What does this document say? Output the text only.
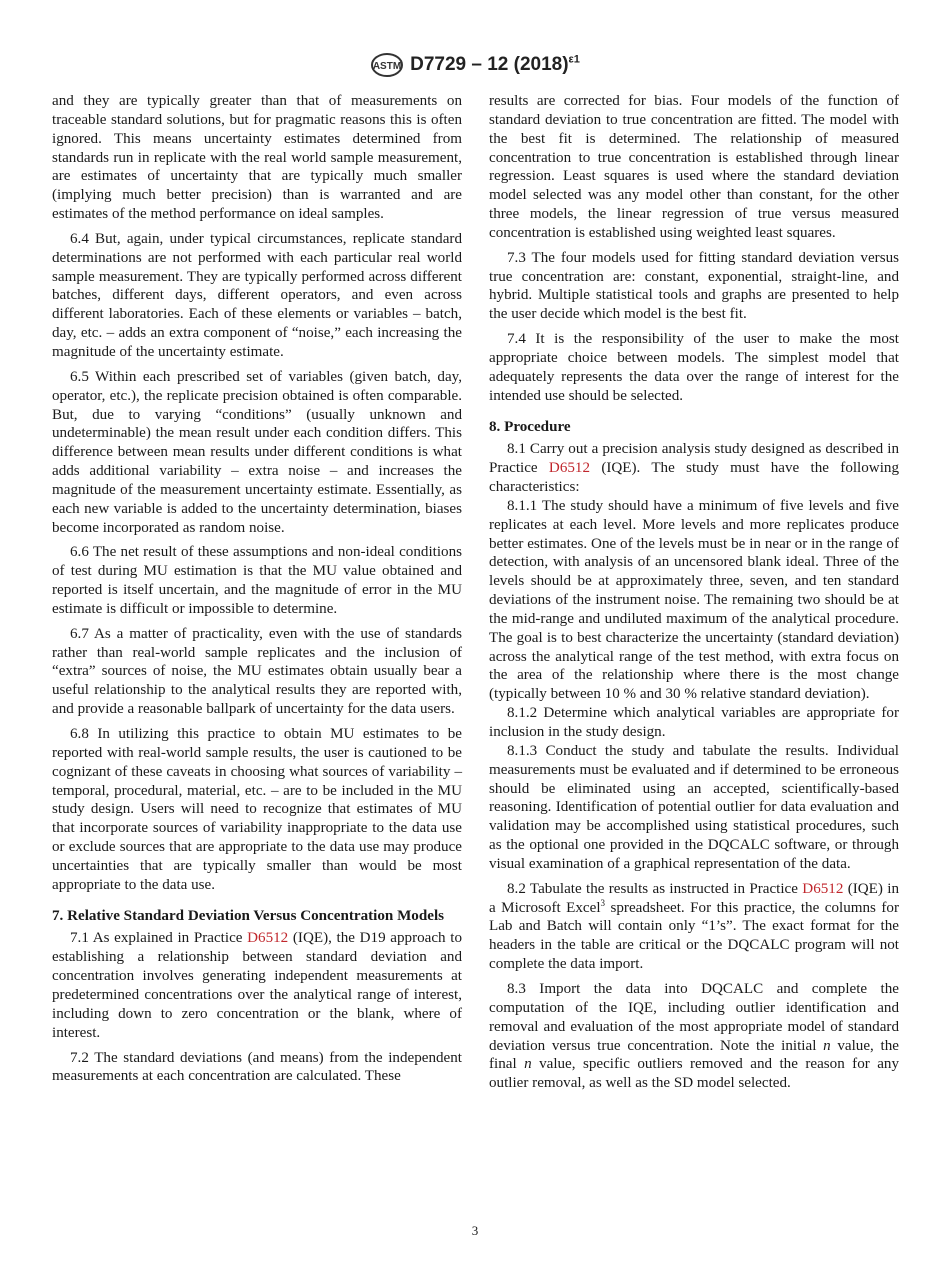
ASTM D7729 – 12 $(2018)^{\varepsilon 1}$

and they are typically greater than that of measurements on traceable standard solutions, but for pragmatic reasons this is often ignored. This means uncertainty estimates determined from standards run in replicate with the real world sample measurement, are estimates of uncertainty that are typically much smaller (implying much better precision) than is warranted and are estimates of the method performance on ideal samples.

6.4 But, again, under typical circumstances, replicate standard determinations are not performed with each particular real world sample measurement. They are typically performed across different batches, different days, different operators, and even across different laboratories. Each of these elements or variables – batch, day, etc. – adds an extra component of “noise,” each increasing the magnitude of the uncertainty estimate.

6.5 Within each prescribed set of variables (given batch, day, operator, etc.), the replicate precision obtained is often comparable. But, due to varying “conditions” (usually unknown and undeterminable) the mean result under each condition differs. This difference between mean results under different conditions is what adds additional variability – extra noise – and increases the magnitude of the measurement uncertainty estimate. Essentially, as each new variable is added to the uncertainty determination, biases become incorporated as random noise.

6.6 The net result of these assumptions and non-ideal conditions of test during MU estimation is that the MU value obtained and reported is itself uncertain, and the magnitude of error in the MU estimate is difficult or impossible to determine.

6.7 As a matter of practicality, even with the use of standards rather than real-world sample replicates and the inclusion of “extra” sources of noise, the MU estimates obtain usually bear a useful relationship to the analytical results they are reported with, and provide a reasonable ballpark of uncertainty for the data users.

6.8 In utilizing this practice to obtain MU estimates to be reported with real-world sample results, the user is cautioned to be cognizant of these caveats in choosing what sources of variability – temporal, procedural, material, etc. – are to be included in the MU study design. Users will need to recognize that estimates of MU that incorporate sources of variability inappropriate to the data use or exclude sources that are appropriate to the data use may produce uncertainties that are typically smaller than would be most appropriate to the data use.

7. Relative Standard Deviation Versus Concentration Models

7.1 As explained in Practice D6512 (IQE), the D19 approach to establishing a relationship between standard deviation and concentration involves generating independent measurements at predetermined concentrations over the analytical range of interest, including down to zero concentration or the blank, where of interest.

7.2 The standard deviations (and means) from the independent measurements at each concentration are calculated. These

results are corrected for bias. Four models of the function of standard deviation to true concentration are fitted. The model with the best fit is determined. The relationship of measured concentration to true concentration is established through linear regression. Least squares is used where the standard deviation model selected was any model other than constant, for the other three models, the linear regression of true versus measured concentration is established using weighted least squares.

7.3 The four models used for fitting standard deviation versus true concentration are: constant, exponential, straight-line, and hybrid. Multiple statistical tools and graphs are presented to help the user decide which model is the best fit.

7.4 It is the responsibility of the user to make the most appropriate choice between models. The simplest model that adequately represents the data over the range of interest for the intended use should be selected.

8. Procedure

8.1 Carry out a precision analysis study designed as described in Practice D6512 (IQE). The study must have the following characteristics:

8.1.1 The study should have a minimum of five levels and five replicates at each level. More levels and more replicates produce better estimates. One of the levels must be in near or in the range of detection, with analysis of an uncensored blank ideal. Three of the levels should be at approximately three, seven, and ten standard deviations of the instrument noise. The remaining two should be at the mid-range and undiluted maximum of the analytical procedure. The goal is to best characterize the uncertainty (standard deviation) across the analytical range of the test method, with extra focus on the area of the relationship where there is the most change (typically between 10 % and 30 % relative standard deviation).

8.1.2 Determine which analytical variables are appropriate for inclusion in the study design.

8.1.3 Conduct the study and tabulate the results. Individual measurements must be evaluated and if determined to be erroneous should be eliminated using an accepted, scientifically-based reasoning. Identification of potential outlier for data evaluation and validation may be accomplished using statistical procedures, such as the optional one provided in the DQCALC software, or through visual examination of a graphical representation of the data.

8.2 Tabulate the results as instructed in Practice D6512 (IQE) in a Microsoft Excel$^3$ spreadsheet. For this practice, the columns for Lab and Batch will contain only “1’s”. The exact format for the headers in the table are critical or the DQCALC program will not complete the data import.

8.3 Import the data into DQCALC and complete the computation of the IQE, including outlier identification and removal and evaluation of the most appropriate model of standard deviation versus true concentration. Note the initial n value, the final n value, specific outliers removed and the reason for any outlier removal, as well as the SD model selected.

3
